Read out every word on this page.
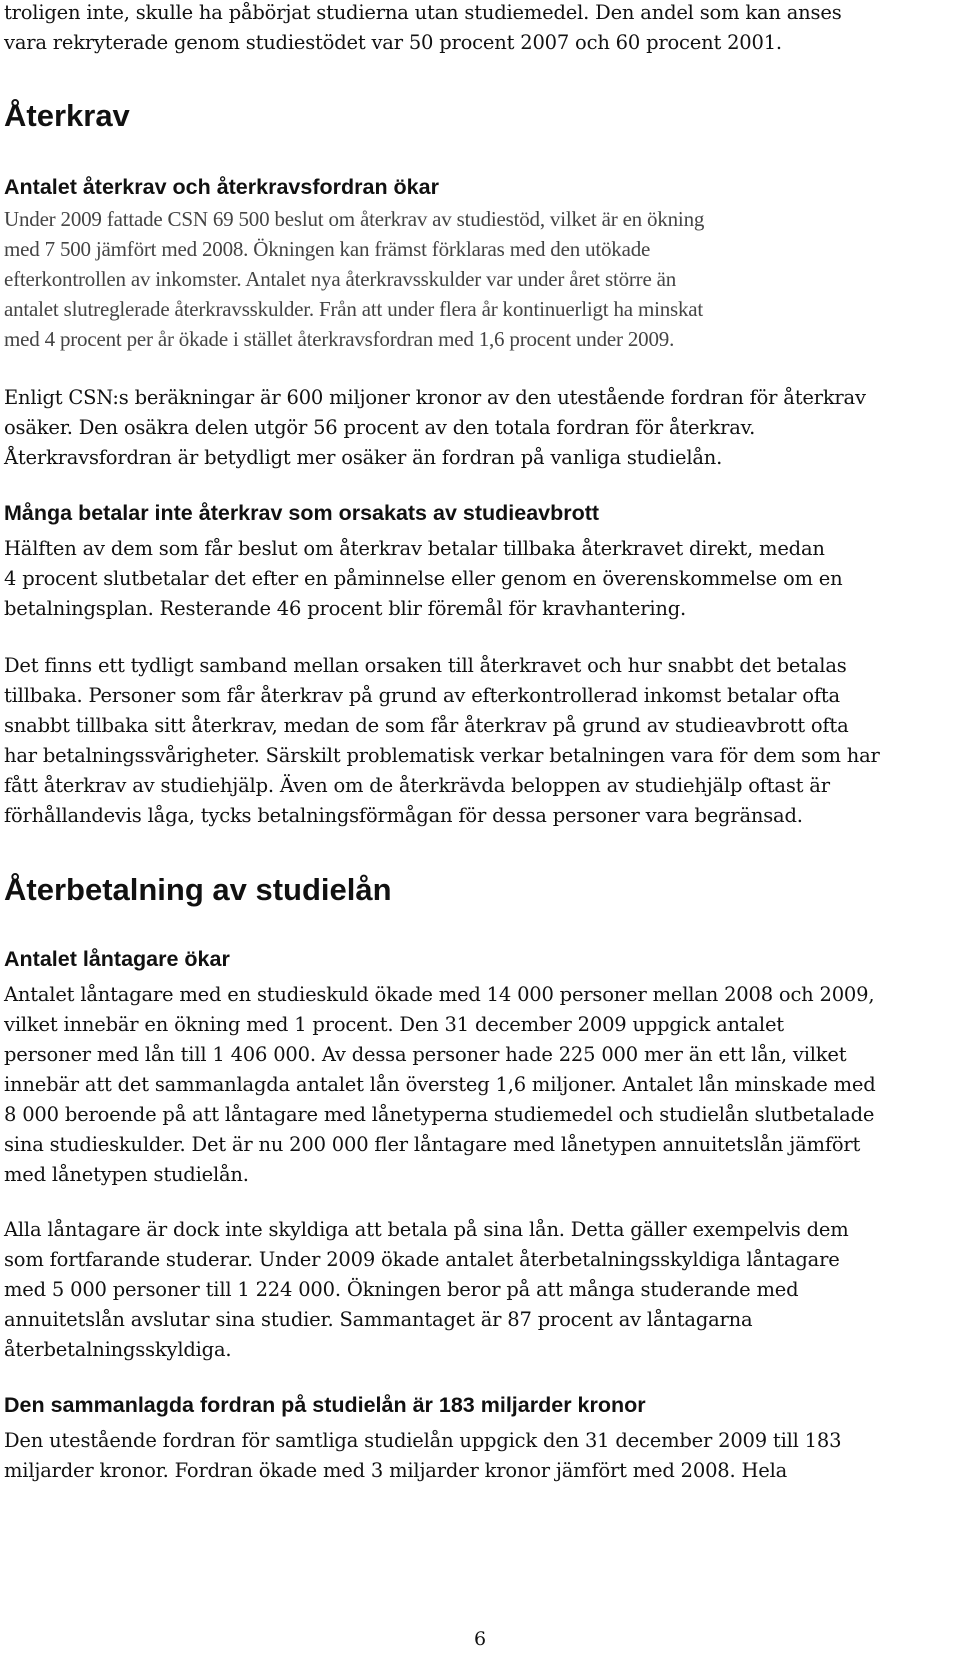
troligen inte, skulle ha påbörjat studierna utan studiemedel. Den andel som kan anses
vara rekryterade genom studiestödet var 50 procent 2007 och 60 procent 2001.

Återkrav
Antalet återkrav och återkravsfordran ökar

Under 2009 fattade CSN 69 500 beslut om återkrav av studiestöd, vilket är en ökning
med 7 500 jämfört med 2008. Ökningen kan främst förklaras med den utökade
efterkontrollen av inkomster. Antalet nya återkravsskulder var under året större än
antalet slutreglerade återkravsskulder. Från att under flera år kontinuerligt ha minskat
med 4 procent per år ökade i stället återkravsfordran med 1,6 procent under 2009.

Enligt CSN:s beräkningar är 600 miljoner kronor av den utestående fordran för återkrav
osäker. Den osäkra delen utgör 56 procent av den totala fordran för återkrav.
Återkravsfordran är betydligt mer osäker än fordran på vanliga studielån.

Många betalar inte återkrav som orsakats av studieavbrott

Hälften av dem som får beslut om återkrav betalar tillbaka återkravet direkt, medan
4 procent slutbetalar det efter en påminnelse eller genom en överenskommelse om en
betalningsplan. Resterande 46 procent blir föremål för kravhantering.

Det finns ett tydligt samband mellan orsaken till återkravet och hur snabbt det betalas
tillbaka. Personer som får återkrav på grund av efterkontrollerad inkomst betalar ofta
snabbt tillbaka sitt återkrav, medan de som får återkrav på grund av studieavbrott ofta
har betalningssvårigheter. Särskilt problematisk verkar betalningen vara för dem som har
fått återkrav av studiehjälp. Även om de återkrävda beloppen av studiehjälp oftast är
förhållandevis låga, tycks betalningsförmågan för dessa personer vara begränsad.

Återbetalning av studielån
Antalet låntagare ökar

Antalet låntagare med en studieskuld ökade med 14 000 personer mellan 2008 och 2009,
vilket innebär en ökning med 1 procent. Den 31 december 2009 uppgick antalet
personer med lån till 1 406 000. Av dessa personer hade 225 000 mer än ett lån, vilket
innebär att det sammanlagda antalet lån översteg 1,6 miljoner. Antalet lån minskade med
8 000 beroende på att låntagare med lånetyperna studiemedel och studielån slutbetalade
sina studieskulder. Det är nu 200 000 fler låntagare med lånetypen annuitetslån jämfört
med lånetypen studielån.

Alla låntagare är dock inte skyldiga att betala på sina lån. Detta gäller exempelvis dem
som fortfarande studerar. Under 2009 ökade antalet återbetalningsskyldiga låntagare
med 5 000 personer till 1 224 000. Ökningen beror på att många studerande med
annuitetslån avslutar sina studier. Sammantaget är 87 procent av låntagarna
återbetalningsskyldiga.

Den sammanlagda fordran på studielån är 183 miljarder kronor

Den utestående fordran för samtliga studielån uppgick den 31 december 2009 till 183
miljarder kronor. Fordran ökade med 3 miljarder kronor jämfört med 2008. Hela

6
